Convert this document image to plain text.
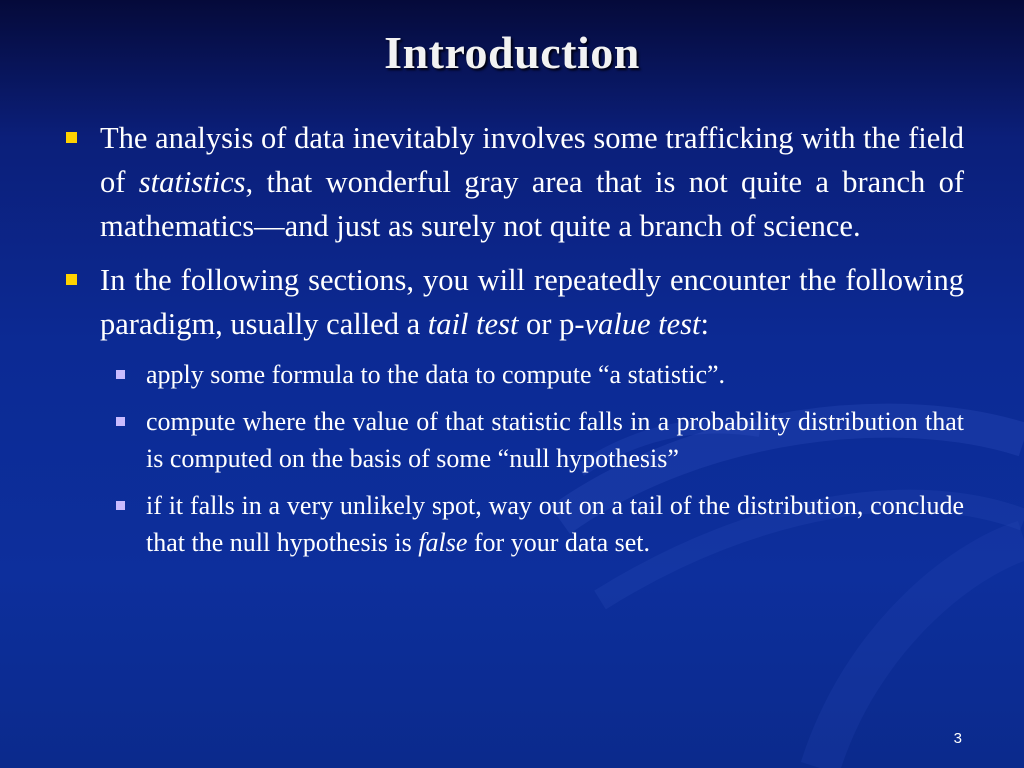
Introduction
The analysis of data inevitably involves some trafficking with the field of statistics, that wonderful gray area that is not quite a branch of mathematics—and just as surely not quite a branch of science.
In the following sections, you will repeatedly encounter the following paradigm, usually called a tail test or p-value test:
apply some formula to the data to compute “a statistic”.
compute where the value of that statistic falls in a probability distribution that is computed on the basis of some “null hypothesis”
if it falls in a very unlikely spot, way out on a tail of the distribution, conclude that the null hypothesis is false for your data set.
3
